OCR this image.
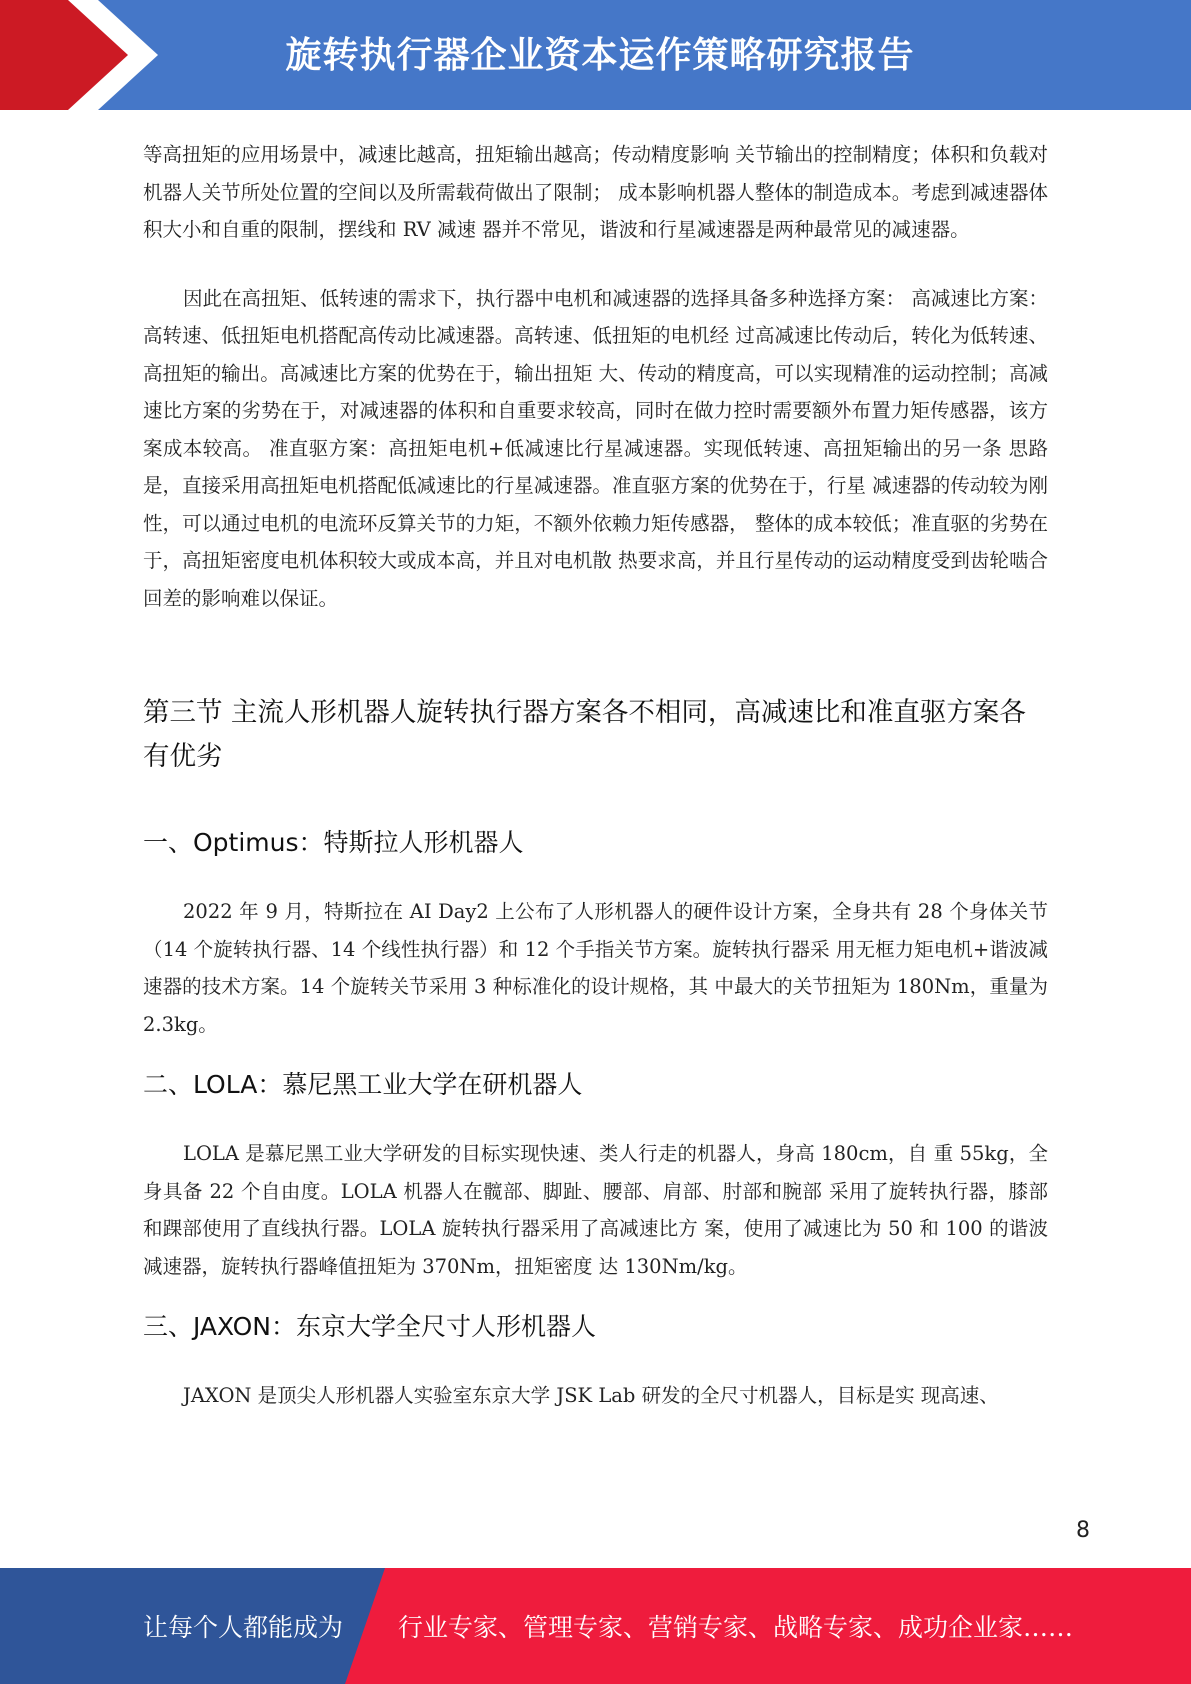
旋转执行器企业资本运作策略研究报告

等高扭矩的应用场景中，减速比越高，扭矩输出越高；传动精度影响 关节输出的控制精度；体积和负载对机器人关节所处位置的空间以及所需载荷做出了限制； 成本影响机器人整体的制造成本。考虑到减速器体积大小和自重的限制，摆线和 RV 减速 器并不常见，谐波和行星减速器是两种最常见的减速器。

因此在高扭矩、低转速的需求下，执行器中电机和减速器的选择具备多种选择方案： 高减速比方案：高转速、低扭矩电机搭配高传动比减速器。高转速、低扭矩的电机经 过高减速比传动后，转化为低转速、高扭矩的输出。高减速比方案的优势在于，输出扭矩 大、传动的精度高，可以实现精准的运动控制；高减速比方案的劣势在于，对减速器的体积和自重要求较高，同时在做力控时需要额外布置力矩传感器，该方案成本较高。 准直驱方案：高扭矩电机+低减速比行星减速器。实现低转速、高扭矩输出的另一条 思路是，直接采用高扭矩电机搭配低减速比的行星减速器。准直驱方案的优势在于，行星 减速器的传动较为刚性，可以通过电机的电流环反算关节的力矩，不额外依赖力矩传感器， 整体的成本较低；准直驱的劣势在于，高扭矩密度电机体积较大或成本高，并且对电机散 热要求高，并且行星传动的运动精度受到齿轮啮合回差的影响难以保证。

第三节 主流人形机器人旋转执行器方案各不相同，高减速比和准直驱方案各有优劣
一、Optimus：特斯拉人形机器人

2022 年 9 月，特斯拉在 AI Day2 上公布了人形机器人的硬件设计方案，全身共有 28 个身体关节（14 个旋转执行器、14 个线性执行器）和 12 个手指关节方案。旋转执行器采 用无框力矩电机+谐波减速器的技术方案。14 个旋转关节采用 3 种标准化的设计规格，其 中最大的关节扭矩为 180Nm，重量为 2.3kg。

二、LOLA：慕尼黑工业大学在研机器人

LOLA 是慕尼黑工业大学研发的目标实现快速、类人行走的机器人，身高 180cm，自 重 55kg，全身具备 22 个自由度。LOLA 机器人在髋部、脚趾、腰部、肩部、肘部和腕部 采用了旋转执行器，膝部和踝部使用了直线执行器。LOLA 旋转执行器采用了高减速比方 案，使用了减速比为 50 和 100 的谐波减速器，旋转执行器峰值扭矩为 370Nm，扭矩密度 达 130Nm/kg。

三、JAXON：东京大学全尺寸人形机器人

JAXON 是顶尖人形机器人实验室东京大学 JSK Lab 研发的全尺寸机器人，目标是实 现高速、

8
让每个人都能成为 行业专家、管理专家、营销专家、战略专家、成功企业家……
